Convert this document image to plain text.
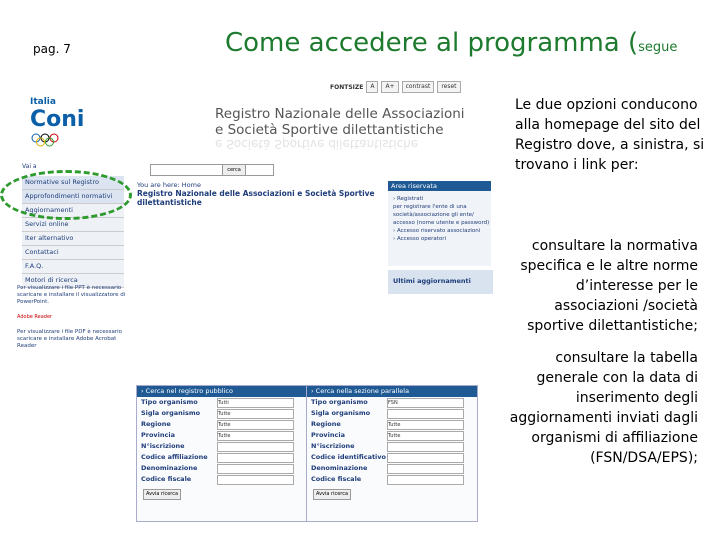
pag. 7	Come accedere al programma (segue
FONTSIZE	A	A+	contrast	reset
Italia
Coni	Registro Nazionale delle Associazioni
e Società Sportive dilettantistiche
e Società Sportive dilettantistiche
Vai a	cerca
Normative sul Registro
Approfondimenti normativi
Aggiornamenti
Servizi online
Iter alternativo
Contattaci
F.A.Q.
Motori di ricerca
You are here: Home
Registro Nazionale delle Associazioni e Società Sportive dilettantistiche
Area riservata
› Registrati
per registrare l'ente di una società/associazione gli ente/ accesso (nome utente e password)
› Accesso riservato associazioni
› Accesso operatori
Ultimi aggiornamenti
Per visualizzare i file PPT è necessario scaricare e installare il visualizzatore di PowerPoint.
Adobe Reader
Per visualizzare i file PDF è necessario scaricare e installare Adobe Acrobat Reader
› Cerca nel registro pubblico
Tipo organismo	Tutti
Sigla organismo	Tutte
Regione	Tutte
Provincia	Tutte
N°iscrizione
Codice affiliazione
Denominazione
Codice fiscale
Avvia ricerca
› Cerca nella sezione parallela
Tipo organismo	FSN
Sigla organismo
Regione	Tutte
Provincia	Tutte
N°iscrizione
Codice identificativo
Denominazione
Codice fiscale
Avvia ricerca
Le due opzioni conducono alla homepage del sito del Registro dove, a sinistra, si trovano i link per:
consultare la normativa specifica e le altre norme d’interesse per le associazioni /società sportive dilettantistiche;
consultare la tabella generale con la data di inserimento degli aggiornamenti inviati dagli organismi di affiliazione (FSN/DSA/EPS);
